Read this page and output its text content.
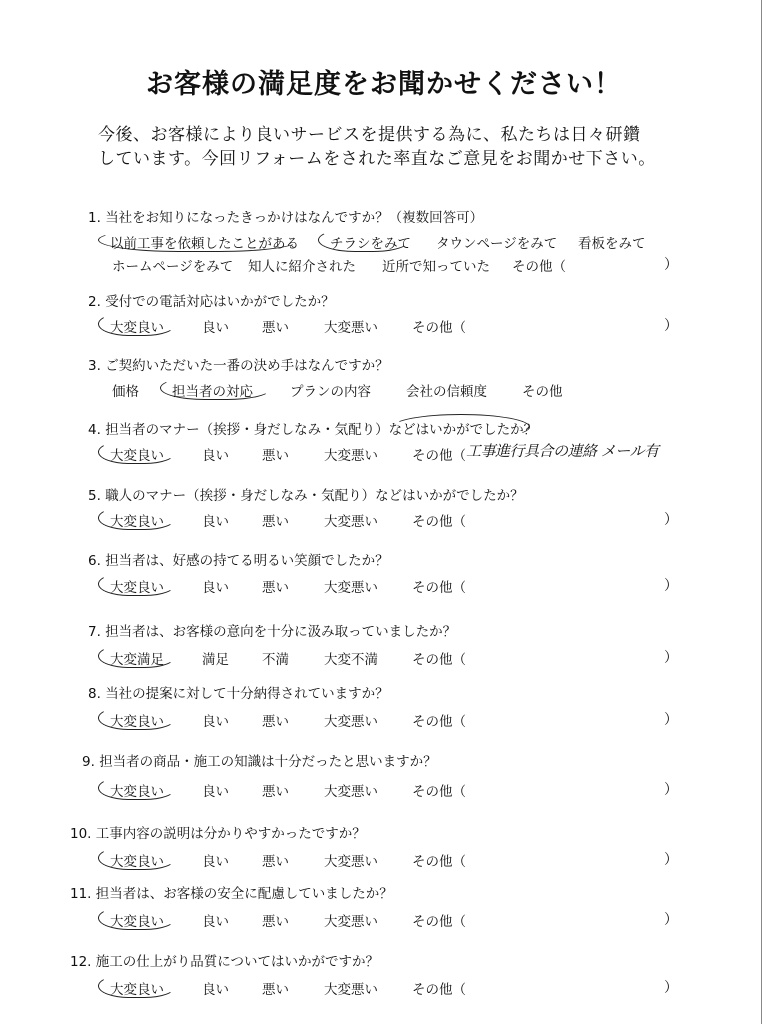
お客様の満足度をお聞かせください！
今後、お客様により良いサービスを提供する為に、私たちは日々研鑽
しています。今回リフォームをされた率直なご意見をお聞かせ下さい。
1. 当社をお知りになったきっかけはなんですか？（複数回答可）
以前工事を依頼したことがある チラシをみて タウンページをみて 看板をみて
ホームページをみて 知人に紹介された 近所で知っていた その他（	）
2. 受付での電話対応はいかがでしたか？
大変良い	良い 悪い	大変悪い	その他（	）
3. ご契約いただいた一番の決め手はなんですか？
価格 担当者の対応	プランの内容	会社の信頼度	その他
4. 担当者のマナー（挨拶・身だしなみ・気配り）などはいかがでしたか？
大変良い	良い 悪い	大変悪い	その他（ 工事進行具合の連絡 メール有
5. 職人のマナー（挨拶・身だしなみ・気配り）などはいかがでしたか？
大変良い	良い 悪い	大変悪い	その他（	）
6. 担当者は、好感の持てる明るい笑顔でしたか？
大変良い	良い 悪い	大変悪い	その他（	）
7. 担当者は、お客様の意向を十分に汲み取っていましたか？
大変満足	満足 不満	大変不満	その他（	）
8. 当社の提案に対して十分納得されていますか？
大変良い	良い 悪い	大変悪い	その他（	）
9. 担当者の商品・施工の知識は十分だったと思いますか？
大変良い	良い 悪い	大変悪い	その他（	）
10. 工事内容の説明は分かりやすかったですか？
大変良い	良い 悪い	大変悪い	その他（	）
11. 担当者は、お客様の安全に配慮していましたか？
大変良い	良い 悪い	大変悪い	その他（	）
12. 施工の仕上がり品質についてはいかがですか？
大変良い	良い 悪い	大変悪い	その他（	）
